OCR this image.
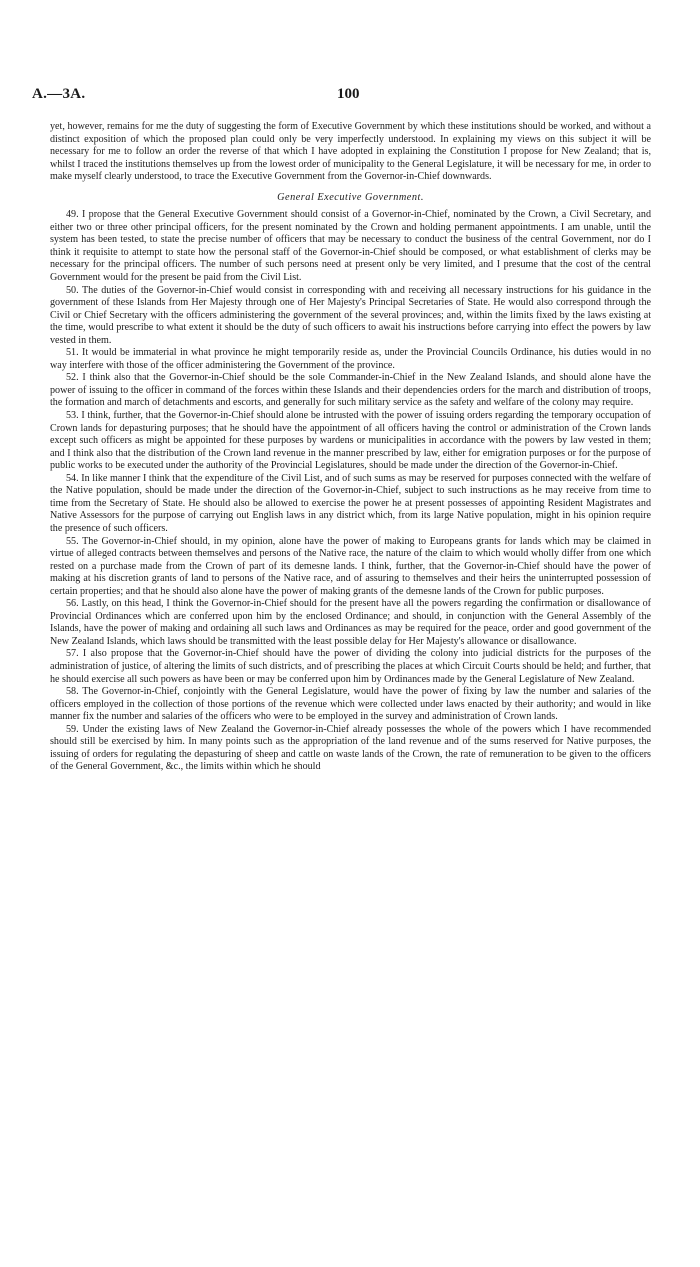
A.—3A.	100

yet, however, remains for me the duty of suggesting the form of Executive Government by which these institutions should be worked, and without a distinct exposition of which the proposed plan could only be very imperfectly understood. In explaining my views on this subject it will be necessary for me to follow an order the reverse of that which I have adopted in explaining the Constitution I propose for New Zealand; that is, whilst I traced the institutions themselves up from the lowest order of municipality to the General Legislature, it will be necessary for me, in order to make myself clearly understood, to trace the Executive Government from the Governor-in-Chief downwards.

General Executive Government.

49. I propose that the General Executive Government should consist of a Governor-in-Chief, nominated by the Crown, a Civil Secretary, and either two or three other principal officers, for the present nominated by the Crown and holding permanent appointments. I am unable, until the system has been tested, to state the precise number of officers that may be necessary to conduct the business of the central Government, nor do I think it requisite to attempt to state how the personal staff of the Governor-in-Chief should be composed, or what establishment of clerks may be necessary for the principal officers. The number of such persons need at present only be very limited, and I presume that the cost of the central Government would for the present be paid from the Civil List.

50. The duties of the Governor-in-Chief would consist in corresponding with and receiving all necessary instructions for his guidance in the government of these Islands from Her Majesty through one of Her Majesty's Principal Secretaries of State. He would also correspond through the Civil or Chief Secretary with the officers administering the government of the several provinces; and, within the limits fixed by the laws existing at the time, would prescribe to what extent it should be the duty of such officers to await his instructions before carrying into effect the powers by law vested in them.

51. It would be immaterial in what province he might temporarily reside as, under the Provincial Councils Ordinance, his duties would in no way interfere with those of the officer administering the Government of the province.

52. I think also that the Governor-in-Chief should be the sole Commander-in-Chief in the New Zealand Islands, and should alone have the power of issuing to the officer in command of the forces within these Islands and their dependencies orders for the march and distribution of troops, the formation and march of detachments and escorts, and generally for such military service as the safety and welfare of the colony may require.

53. I think, further, that the Governor-in-Chief should alone be intrusted with the power of issuing orders regarding the temporary occupation of Crown lands for depasturing purposes; that he should have the appointment of all officers having the control or administration of the Crown lands except such officers as might be appointed for these purposes by wardens or municipalities in accordance with the powers by law vested in them; and I think also that the distribution of the Crown land revenue in the manner prescribed by law, either for emigration purposes or for the purpose of public works to be executed under the authority of the Provincial Legislatures, should be made under the direction of the Governor-in-Chief.

54. In like manner I think that the expenditure of the Civil List, and of such sums as may be reserved for purposes connected with the welfare of the Native population, should be made under the direction of the Governor-in-Chief, subject to such instructions as he may receive from time to time from the Secretary of State. He should also be allowed to exercise the power he at present possesses of appointing Resident Magistrates and Native Assessors for the purpose of carrying out English laws in any district which, from its large Native population, might in his opinion require the presence of such officers.

55. The Governor-in-Chief should, in my opinion, alone have the power of making to Europeans grants for lands which may be claimed in virtue of alleged contracts between themselves and persons of the Native race, the nature of the claim to which would wholly differ from one which rested on a purchase made from the Crown of part of its demesne lands. I think, further, that the Governor-in-Chief should have the power of making at his discretion grants of land to persons of the Native race, and of assuring to themselves and their heirs the uninterrupted possession of certain properties; and that he should also alone have the power of making grants of the demesne lands of the Crown for public purposes.

56. Lastly, on this head, I think the Governor-in-Chief should for the present have all the powers regarding the confirmation or disallowance of Provincial Ordinances which are conferred upon him by the enclosed Ordinance; and should, in conjunction with the General Assembly of the Islands, have the power of making and ordaining all such laws and Ordinances as may be required for the peace, order and good government of the New Zealand Islands, which laws should be transmitted with the least possible delay for Her Majesty's allowance or disallowance.

57. I also propose that the Governor-in-Chief should have the power of dividing the colony into judicial districts for the purposes of the administration of justice, of altering the limits of such districts, and of prescribing the places at which Circuit Courts should be held; and further, that he should exercise all such powers as have been or may be conferred upon him by Ordinances made by the General Legislature of New Zealand.

58. The Governor-in-Chief, conjointly with the General Legislature, would have the power of fixing by law the number and salaries of the officers employed in the collection of those portions of the revenue which were collected under laws enacted by their authority; and would in like manner fix the number and salaries of the officers who were to be employed in the survey and administration of Crown lands.

59. Under the existing laws of New Zealand the Governor-in-Chief already possesses the whole of the powers which I have recommended should still be exercised by him. In many points such as the appropriation of the land revenue and of the sums reserved for Native purposes, the issuing of orders for regulating the depasturing of sheep and cattle on waste lands of the Crown, the rate of remuneration to be given to the officers of the General Government, &c., the limits within which he should
